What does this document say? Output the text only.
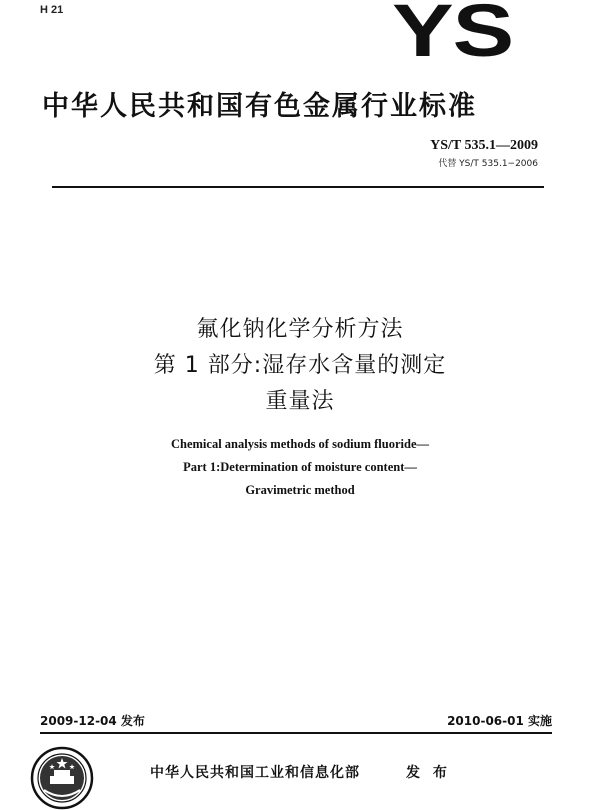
H 21	YS
中华人民共和国有色金属行业标准
YS/T 535.1—2009
代替 YS/T 535.1−2006
氟化钠化学分析方法
第 1 部分:湿存水含量的测定
重量法
Chemical analysis methods of sodium fluoride—
Part 1:Determination of moisture content—
Gravimetric method
2009-12-04 发布	2010-06-01 实施
中华人民共和国工业和信息化部	发 布
